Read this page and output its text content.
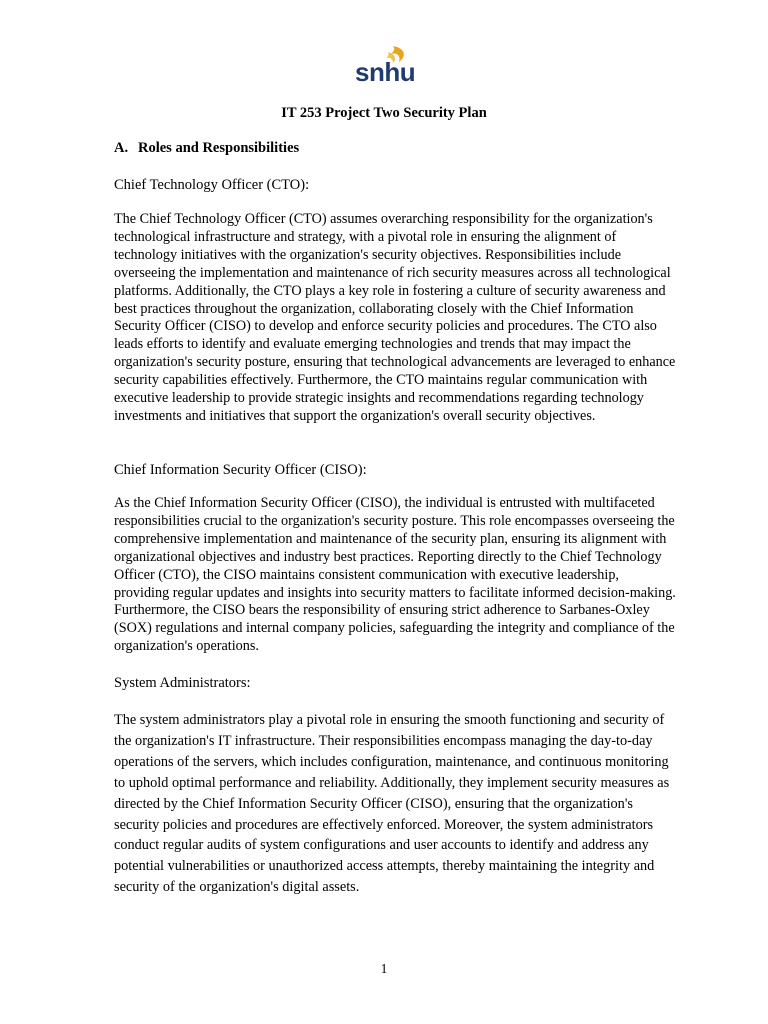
snhu
IT 253 Project Two Security Plan
A. Roles and Responsibilities
Chief Technology Officer (CTO):
The Chief Technology Officer (CTO) assumes overarching responsibility for the organization's technological infrastructure and strategy, with a pivotal role in ensuring the alignment of technology initiatives with the organization's security objectives. Responsibilities include overseeing the implementation and maintenance of rich security measures across all technological platforms. Additionally, the CTO plays a key role in fostering a culture of security awareness and best practices throughout the organization, collaborating closely with the Chief Information Security Officer (CISO) to develop and enforce security policies and procedures. The CTO also leads efforts to identify and evaluate emerging technologies and trends that may impact the organization's security posture, ensuring that technological advancements are leveraged to enhance security capabilities effectively. Furthermore, the CTO maintains regular communication with executive leadership to provide strategic insights and recommendations regarding technology investments and initiatives that support the organization's overall security objectives.
Chief Information Security Officer (CISO):
As the Chief Information Security Officer (CISO), the individual is entrusted with multifaceted responsibilities crucial to the organization's security posture. This role encompasses overseeing the comprehensive implementation and maintenance of the security plan, ensuring its alignment with organizational objectives and industry best practices. Reporting directly to the Chief Technology Officer (CTO), the CISO maintains consistent communication with executive leadership, providing regular updates and insights into security matters to facilitate informed decision-making. Furthermore, the CISO bears the responsibility of ensuring strict adherence to Sarbanes-Oxley (SOX) regulations and internal company policies, safeguarding the integrity and compliance of the organization's operations.
System Administrators:
The system administrators play a pivotal role in ensuring the smooth functioning and security of the organization's IT infrastructure. Their responsibilities encompass managing the day-to-day operations of the servers, which includes configuration, maintenance, and continuous monitoring to uphold optimal performance and reliability. Additionally, they implement security measures as directed by the Chief Information Security Officer (CISO), ensuring that the organization's security policies and procedures are effectively enforced. Moreover, the system administrators conduct regular audits of system configurations and user accounts to identify and address any potential vulnerabilities or unauthorized access attempts, thereby maintaining the integrity and security of the organization's digital assets.
1
